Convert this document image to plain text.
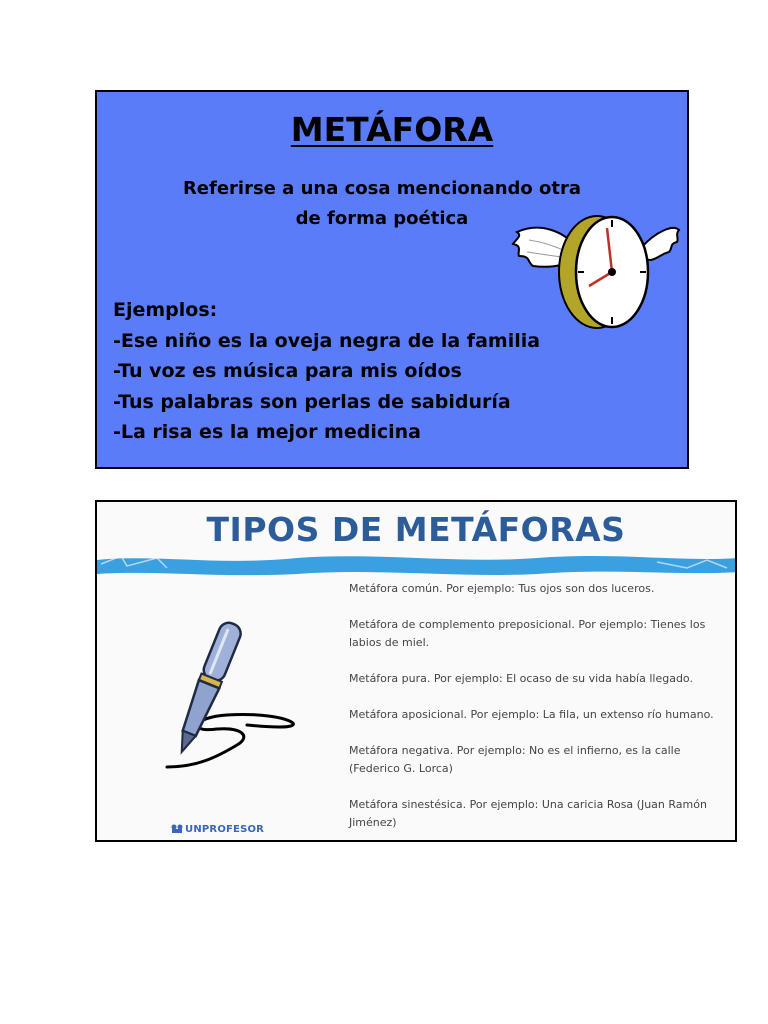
METÁFORA
Referirse a una cosa mencionando otra
de forma poética
Ejemplos:
-Ese niño es la oveja negra de la familia
-Tu voz es música para mis oídos
-Tus palabras son perlas de sabiduría
-La risa es la mejor medicina
TIPOS DE METÁFORAS
Metáfora común. Por ejemplo: Tus ojos son dos luceros.
Metáfora de complemento preposicional. Por ejemplo: Tienes los
labios de miel.
Metáfora pura. Por ejemplo: El ocaso de su vida había llegado.
Metáfora aposicional. Por ejemplo: La fila, un extenso río humano.
Metáfora negativa. Por ejemplo: No es el infierno, es la calle
(Federico G. Lorca)
Metáfora sinestésica. Por ejemplo: Una caricia Rosa (Juan Ramón
Jiménez)
UNPROFESOR
